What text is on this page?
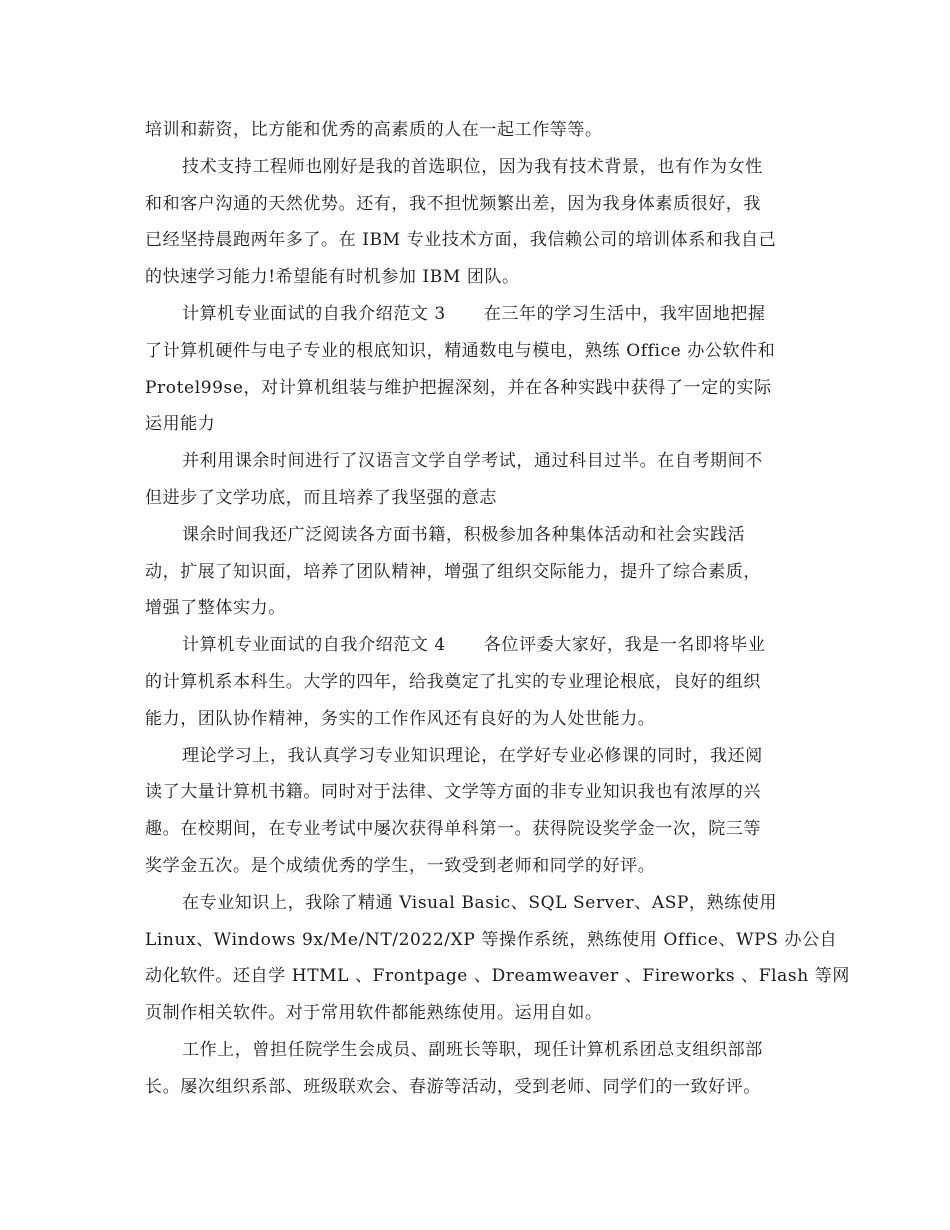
培训和薪资，比方能和优秀的高素质的人在一起工作等等。
技术支持工程师也刚好是我的首选职位，因为我有技术背景，也有作为女性
和和客户沟通的天然优势。还有，我不担忧频繁出差，因为我身体素质很好，我
已经坚持晨跑两年多了。在 IBM 专业技术方面，我信赖公司的培训体系和我自己
的快速学习能力!希望能有时机参加 IBM 团队。
计算机专业面试的自我介绍范文 3 在三年的学习生活中，我牢固地把握
了计算机硬件与电子专业的根底知识，精通数电与模电，熟练 Office 办公软件和
Protel99se，对计算机组装与维护把握深刻，并在各种实践中获得了一定的实际
运用能力
并利用课余时间进行了汉语言文学自学考试，通过科目过半。在自考期间不
但进步了文学功底，而且培养了我坚强的意志
课余时间我还广泛阅读各方面书籍，积极参加各种集体活动和社会实践活
动，扩展了知识面，培养了团队精神，增强了组织交际能力，提升了综合素质，
增强了整体实力。
计算机专业面试的自我介绍范文 4 各位评委大家好，我是一名即将毕业
的计算机系本科生。大学的四年，给我奠定了扎实的专业理论根底，良好的组织
能力，团队协作精神，务实的工作作风还有良好的为人处世能力。
理论学习上，我认真学习专业知识理论，在学好专业必修课的同时，我还阅
读了大量计算机书籍。同时对于法律、文学等方面的非专业知识我也有浓厚的兴
趣。在校期间，在专业考试中屡次获得单科第一。获得院设奖学金一次，院三等
奖学金五次。是个成绩优秀的学生，一致受到老师和同学的好评。
在专业知识上，我除了精通 Visual Basic、SQL Server、ASP，熟练使用
Linux、Windows 9x/Me/NT/2022/XP 等操作系统，熟练使用 Office、WPS 办公自
动化软件。还自学 HTML 、Frontpage 、Dreamweaver 、Fireworks 、Flash 等网
页制作相关软件。对于常用软件都能熟练使用。运用自如。
工作上，曾担任院学生会成员、副班长等职，现任计算机系团总支组织部部
长。屡次组织系部、班级联欢会、春游等活动，受到老师、同学们的一致好评。
